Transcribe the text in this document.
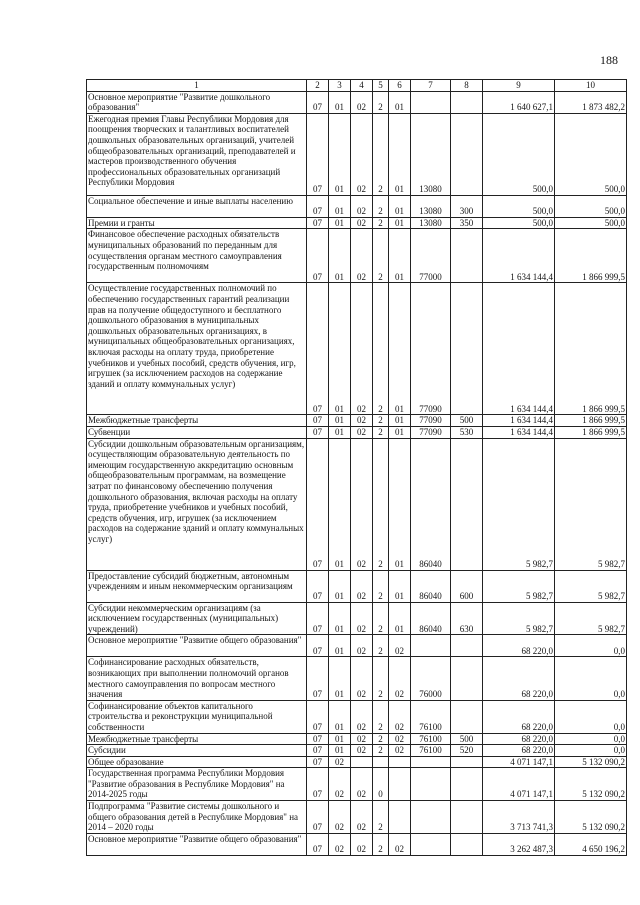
188
1	2	3	4	5	6	7	8	9	10
Основное мероприятие "Развитие дошкольного образования"	07	01	02	2	01			1 640 627,1	1 873 482,2
Ежегодная премия Главы Республики Мордовия для поощрения творческих и талантливых воспитателей дошкольных образовательных организаций, учителей общеобразовательных организаций, преподавателей и мастеров производственного обучения профессиональных образовательных организаций Республики Мордовия	07	01	02	2	01	13080		500,0	500,0
Социальное обеспечение и иные выплаты населению	07	01	02	2	01	13080	300	500,0	500,0
Премии и гранты	07	01	02	2	01	13080	350	500,0	500,0
Финансовое обеспечение расходных обязательств муниципальных образований по переданным для осуществления органам местного самоуправления государственным полномочиям	07	01	02	2	01	77000		1 634 144,4	1 866 999,5
Осуществление государственных полномочий по обеспечению государственных гарантий реализации прав на получение общедоступного и бесплатного дошкольного образования в муниципальных дошкольных образовательных организациях, в муниципальных общеобразовательных организациях, включая расходы на оплату труда, приобретение учебников и учебных пособий, средств обучения, игр, игрушек (за исключением расходов на содержание зданий и оплату коммунальных услуг)	07	01	02	2	01	77090		1 634 144,4	1 866 999,5
Межбюджетные трансферты	07	01	02	2	01	77090	500	1 634 144,4	1 866 999,5
Субвенции	07	01	02	2	01	77090	530	1 634 144,4	1 866 999,5
Субсидии дошкольным образовательным организациям, осуществляющим образовательную деятельность по имеющим государственную аккредитацию основным общеобразовательным программам, на возмещение затрат по финансовому обеспечению получения дошкольного образования, включая расходы на оплату труда, приобретение учебников и учебных пособий, средств обучения, игр, игрушек (за исключением расходов на содержание зданий и оплату коммунальных услуг)	07	01	02	2	01	86040		5 982,7	5 982,7
Предоставление субсидий бюджетным, автономным учреждениям и иным некоммерческим организациям	07	01	02	2	01	86040	600	5 982,7	5 982,7
Субсидии некоммерческим организациям (за исключением государственных (муниципальных) учреждений)	07	01	02	2	01	86040	630	5 982,7	5 982,7
Основное мероприятие "Развитие общего образования"	07	01	02	2	02			68 220,0	0,0
Софинансирование расходных обязательств, возникающих при выполнении полномочий органов местного самоуправления по вопросам местного значения	07	01	02	2	02	76000		68 220,0	0,0
Софинансирование объектов капитального строительства и реконструкции муниципальной собственности	07	01	02	2	02	76100		68 220,0	0,0
Межбюджетные трансферты	07	01	02	2	02	76100	500	68 220,0	0,0
Субсидии	07	01	02	2	02	76100	520	68 220,0	0,0
Общее образование	07	02						4 071 147,1	5 132 090,2
Государственная программа Республики Мордовия "Развитие образования в Республике Мордовия" на 2014-2025 годы	07	02	02	0				4 071 147,1	5 132 090,2
Подпрограмма "Развитие системы дошкольного и общего образования детей в Республике Мордовия" на 2014 – 2020 годы	07	02	02	2				3 713 741,3	5 132 090,2
Основное мероприятие "Развитие общего образования"	07	02	02	2	02			3 262 487,3	4 650 196,2
